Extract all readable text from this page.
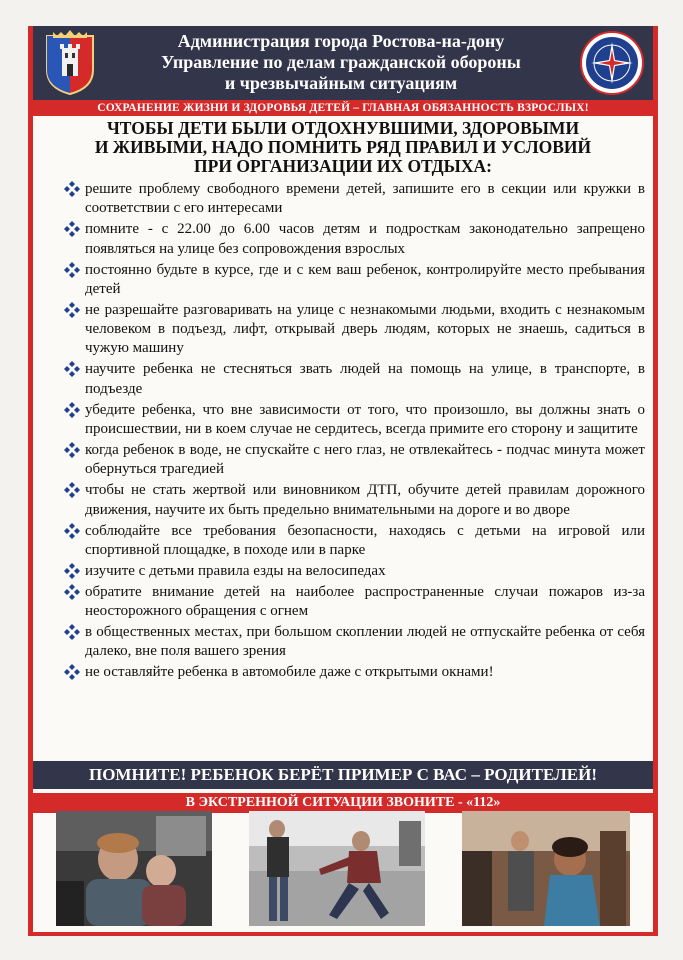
Администрация города Ростова-на-дону
Управление по делам гражданской обороны
и чрезвычайным ситуациям
СОХРАНЕНИЕ ЖИЗНИ И ЗДОРОВЬЯ ДЕТЕЙ – ГЛАВНАЯ ОБЯЗАННОСТЬ ВЗРОСЛЫХ!
ЧТОБЫ ДЕТИ БЫЛИ ОТДОХНУВШИМИ, ЗДОРОВЫМИ
И ЖИВЫМИ, НАДО ПОМНИТЬ РЯД ПРАВИЛ И УСЛОВИЙ
ПРИ ОРГАНИЗАЦИИ ИХ ОТДЫХА:
решите проблему свободного времени детей, запишите его в секции или кружки в соответствии с его интересами
помните - с 22.00 до 6.00 часов детям и подросткам законодательно запрещено появляться на улице без сопровождения взрослых
постоянно будьте в курсе, где и с кем ваш ребенок, контролируйте место пребывания детей
не разрешайте разговаривать на улице с незнакомыми людьми, входить с незнакомым человеком в подъезд, лифт, открывай дверь людям, которых не знаешь, садиться в чужую машину
научите ребенка не стесняться звать людей на помощь на улице, в транспорте, в подъезде
убедите ребенка, что вне зависимости от того, что произошло, вы должны знать о происшествии, ни в коем случае не сердитесь, всегда примите его сторону и защитите
когда ребенок в воде, не спускайте с него глаз, не отвлекайтесь - подчас минута может обернуться трагедией
чтобы не стать жертвой или виновником ДТП, обучите детей правилам дорожного движения, научите их быть предельно внимательными на дороге и во дворе
соблюдайте все требования безопасности, находясь с детьми на игровой или спортивной площадке, в походе или в парке
изучите с детьми правила езды на велосипедах
обратите внимание детей на наиболее распространенные случаи пожаров из-за неосторожного обращения с огнем
в общественных местах, при большом скоплении людей не отпускайте ребенка от себя далеко, вне поля вашего зрения
не оставляйте ребенка в автомобиле даже с открытыми окнами!
ПОМНИТЕ! РЕБЕНОК БЕРЁТ ПРИМЕР С ВАС – РОДИТЕЛЕЙ!
В ЭКСТРЕННОЙ СИТУАЦИИ ЗВОНИТЕ - «112»
